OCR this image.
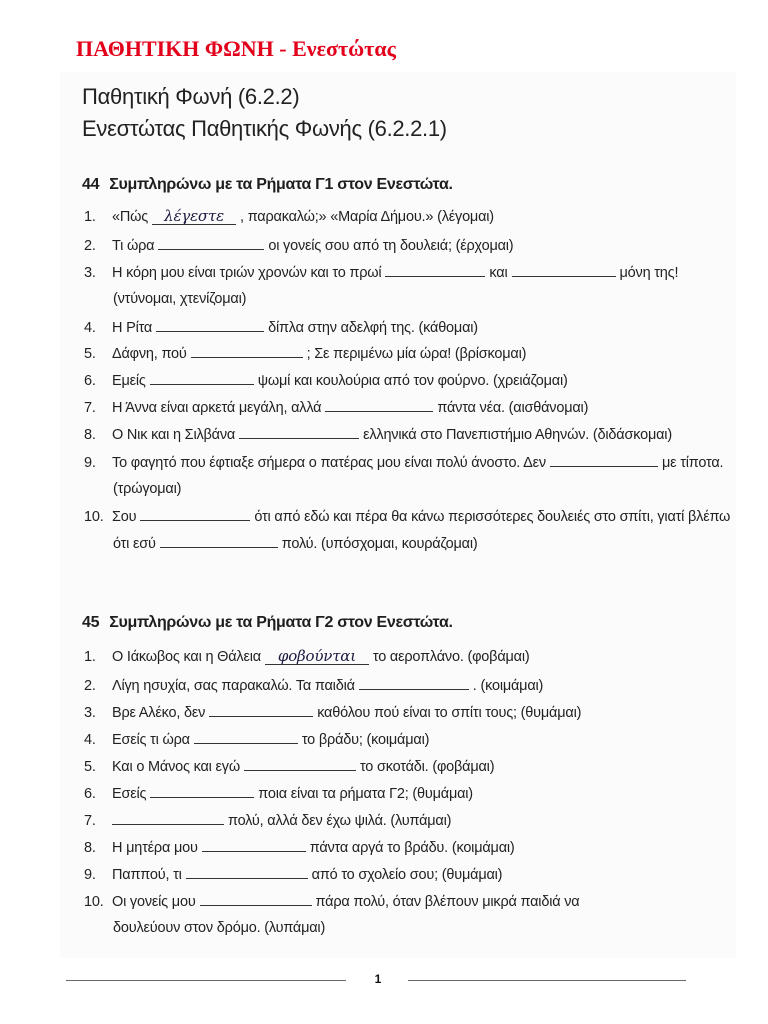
ΠΑΘΗΤΙΚΗ ΦΩΝΗ - Ενεστώτας
Παθητική Φωνή (6.2.2)
Ενεστώτας Παθητικής Φωνής (6.2.2.1)
44 Συμπληρώνω με τα Ρήματα Γ1 στον Ενεστώτα.
1. «Πώς λέγεστε , παρακαλώ;» «Μαρία Δήμου.» (λέγομαι)
2. Τι ώρα	οι γονείς σου από τη δουλειά; (έρχομαι)
3. Η κόρη μου είναι τριών χρονών και το πρωί	και	μόνη της!
(ντύνομαι, χτενίζομαι)
4. Η Ρίτα	δίπλα στην αδελφή της. (κάθομαι)
5. Δάφνη, πού	; Σε περιμένω μία ώρα! (βρίσκομαι)
6. Εμείς	ψωμί και κουλούρια από τον φούρνο. (χρειάζομαι)
7. Η Άννα είναι αρκετά μεγάλη, αλλά	πάντα νέα. (αισθάνομαι)
8. Ο Νικ και η Σιλβάνα	ελληνικά στο Πανεπιστήμιο Αθηνών. (διδάσκομαι)
9. Το φαγητό που έφτιαξε σήμερα ο πατέρας μου είναι πολύ άνοστο. Δεν	με τίποτα.
(τρώγομαι)
10. Σου	ότι από εδώ και πέρα θα κάνω περισσότερες δουλειές στο σπίτι, γιατί βλέπω
ότι εσύ	πολύ. (υπόσχομαι, κουράζομαι)
45 Συμπληρώνω με τα Ρήματα Γ2 στον Ενεστώτα.
1. Ο Ιάκωβος και η Θάλεια φοβούνται το αεροπλάνο. (φοβάμαι)
2. Λίγη ησυχία, σας παρακαλώ. Τα παιδιά	. (κοιμάμαι)
3. Βρε Αλέκο, δεν	καθόλου πού είναι το σπίτι τους; (θυμάμαι)
4. Εσείς τι ώρα	το βράδυ; (κοιμάμαι)
5. Και ο Μάνος και εγώ	το σκοτάδι. (φοβάμαι)
6. Εσείς	ποια είναι τα ρήματα Γ2; (θυμάμαι)
7.	πολύ, αλλά δεν έχω ψιλά. (λυπάμαι)
8. Η μητέρα μου	πάντα αργά το βράδυ. (κοιμάμαι)
9. Παππού, τι	από το σχολείο σου; (θυμάμαι)
10. Οι γονείς μου	πάρα πολύ, όταν βλέπουν μικρά παιδιά να
δουλεύουν στον δρόμο. (λυπάμαι)
1
